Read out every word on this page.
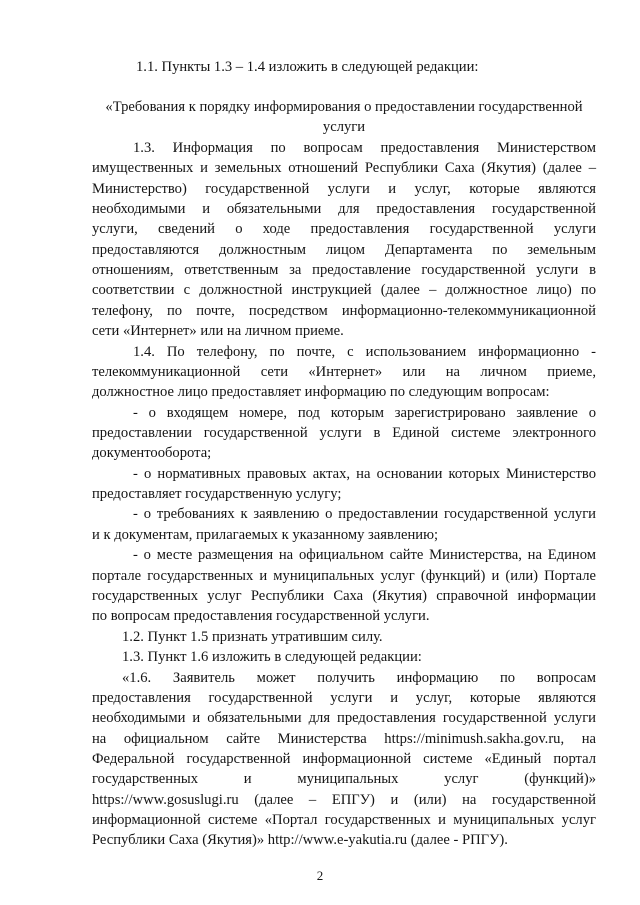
1.1. Пункты 1.3 – 1.4 изложить в следующей редакции:
«Требования к порядку информирования о предоставлении государственной
услуги
1.3. Информация по вопросам предоставления Министерством
имущественных и земельных отношений Республики Саха (Якутия) (далее –
Министерство) государственной услуги и услуг, которые являются
необходимыми и обязательными для предоставления государственной
услуги, сведений о ходе предоставления государственной услуги
предоставляются должностным лицом Департамента по земельным
отношениям, ответственным за предоставление государственной услуги в
соответствии с должностной инструкцией (далее – должностное лицо) по
телефону, по почте, посредством информационно-телекоммуникационной
сети «Интернет» или на личном приеме.
1.4. По телефону, по почте, с использованием информационно -
телекоммуникационной сети «Интернет» или на личном приеме,
должностное лицо предоставляет информацию по следующим вопросам:
- о входящем номере, под которым зарегистрировано заявление о
предоставлении государственной услуги в Единой системе электронного
документооборота;
- о нормативных правовых актах, на основании которых Министерство
предоставляет государственную услугу;
- о требованиях к заявлению о предоставлении государственной услуги
и к документам, прилагаемых к указанному заявлению;
- о месте размещения на официальном сайте Министерства, на Едином
портале государственных и муниципальных услуг (функций) и (или) Портале
государственных услуг Республики Саха (Якутия) справочной информации
по вопросам предоставления государственной услуги.
1.2. Пункт 1.5 признать утратившим силу.
1.3. Пункт 1.6 изложить в следующей редакции:
«1.6. Заявитель может получить информацию по вопросам
предоставления государственной услуги и услуг, которые являются
необходимыми и обязательными для предоставления государственной услуги
на официальном сайте Министерства https://minimush.sakha.gov.ru, на
Федеральной государственной информационной системе «Единый портал
государственных и муниципальных услуг (функций)»
https://www.gosuslugi.ru (далее – ЕПГУ) и (или) на государственной
информационной системе «Портал государственных и муниципальных услуг
Республики Саха (Якутия)» http://www.e-yakutia.ru (далее - РПГУ).
2
